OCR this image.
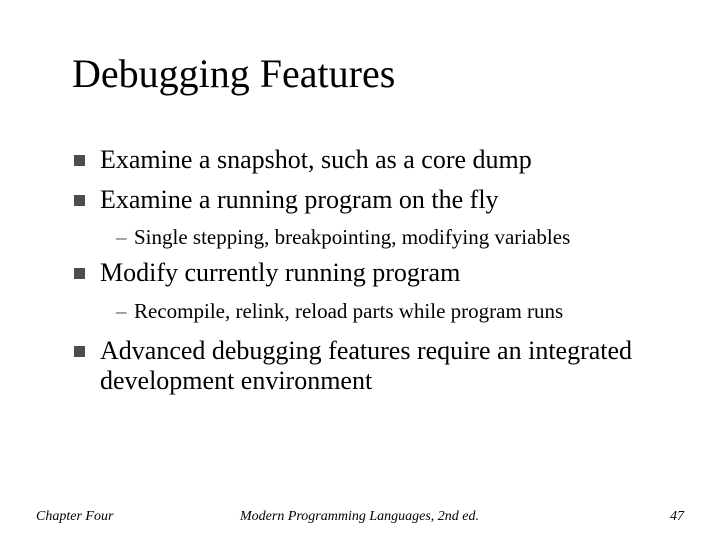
Debugging Features
Examine a snapshot, such as a core dump
Examine a running program on the fly
– Single stepping, breakpointing, modifying variables
Modify currently running program
– Recompile, relink, reload parts while program runs
Advanced debugging features require an integrated
development environment
Chapter Four	Modern Programming Languages, 2nd ed.	47
